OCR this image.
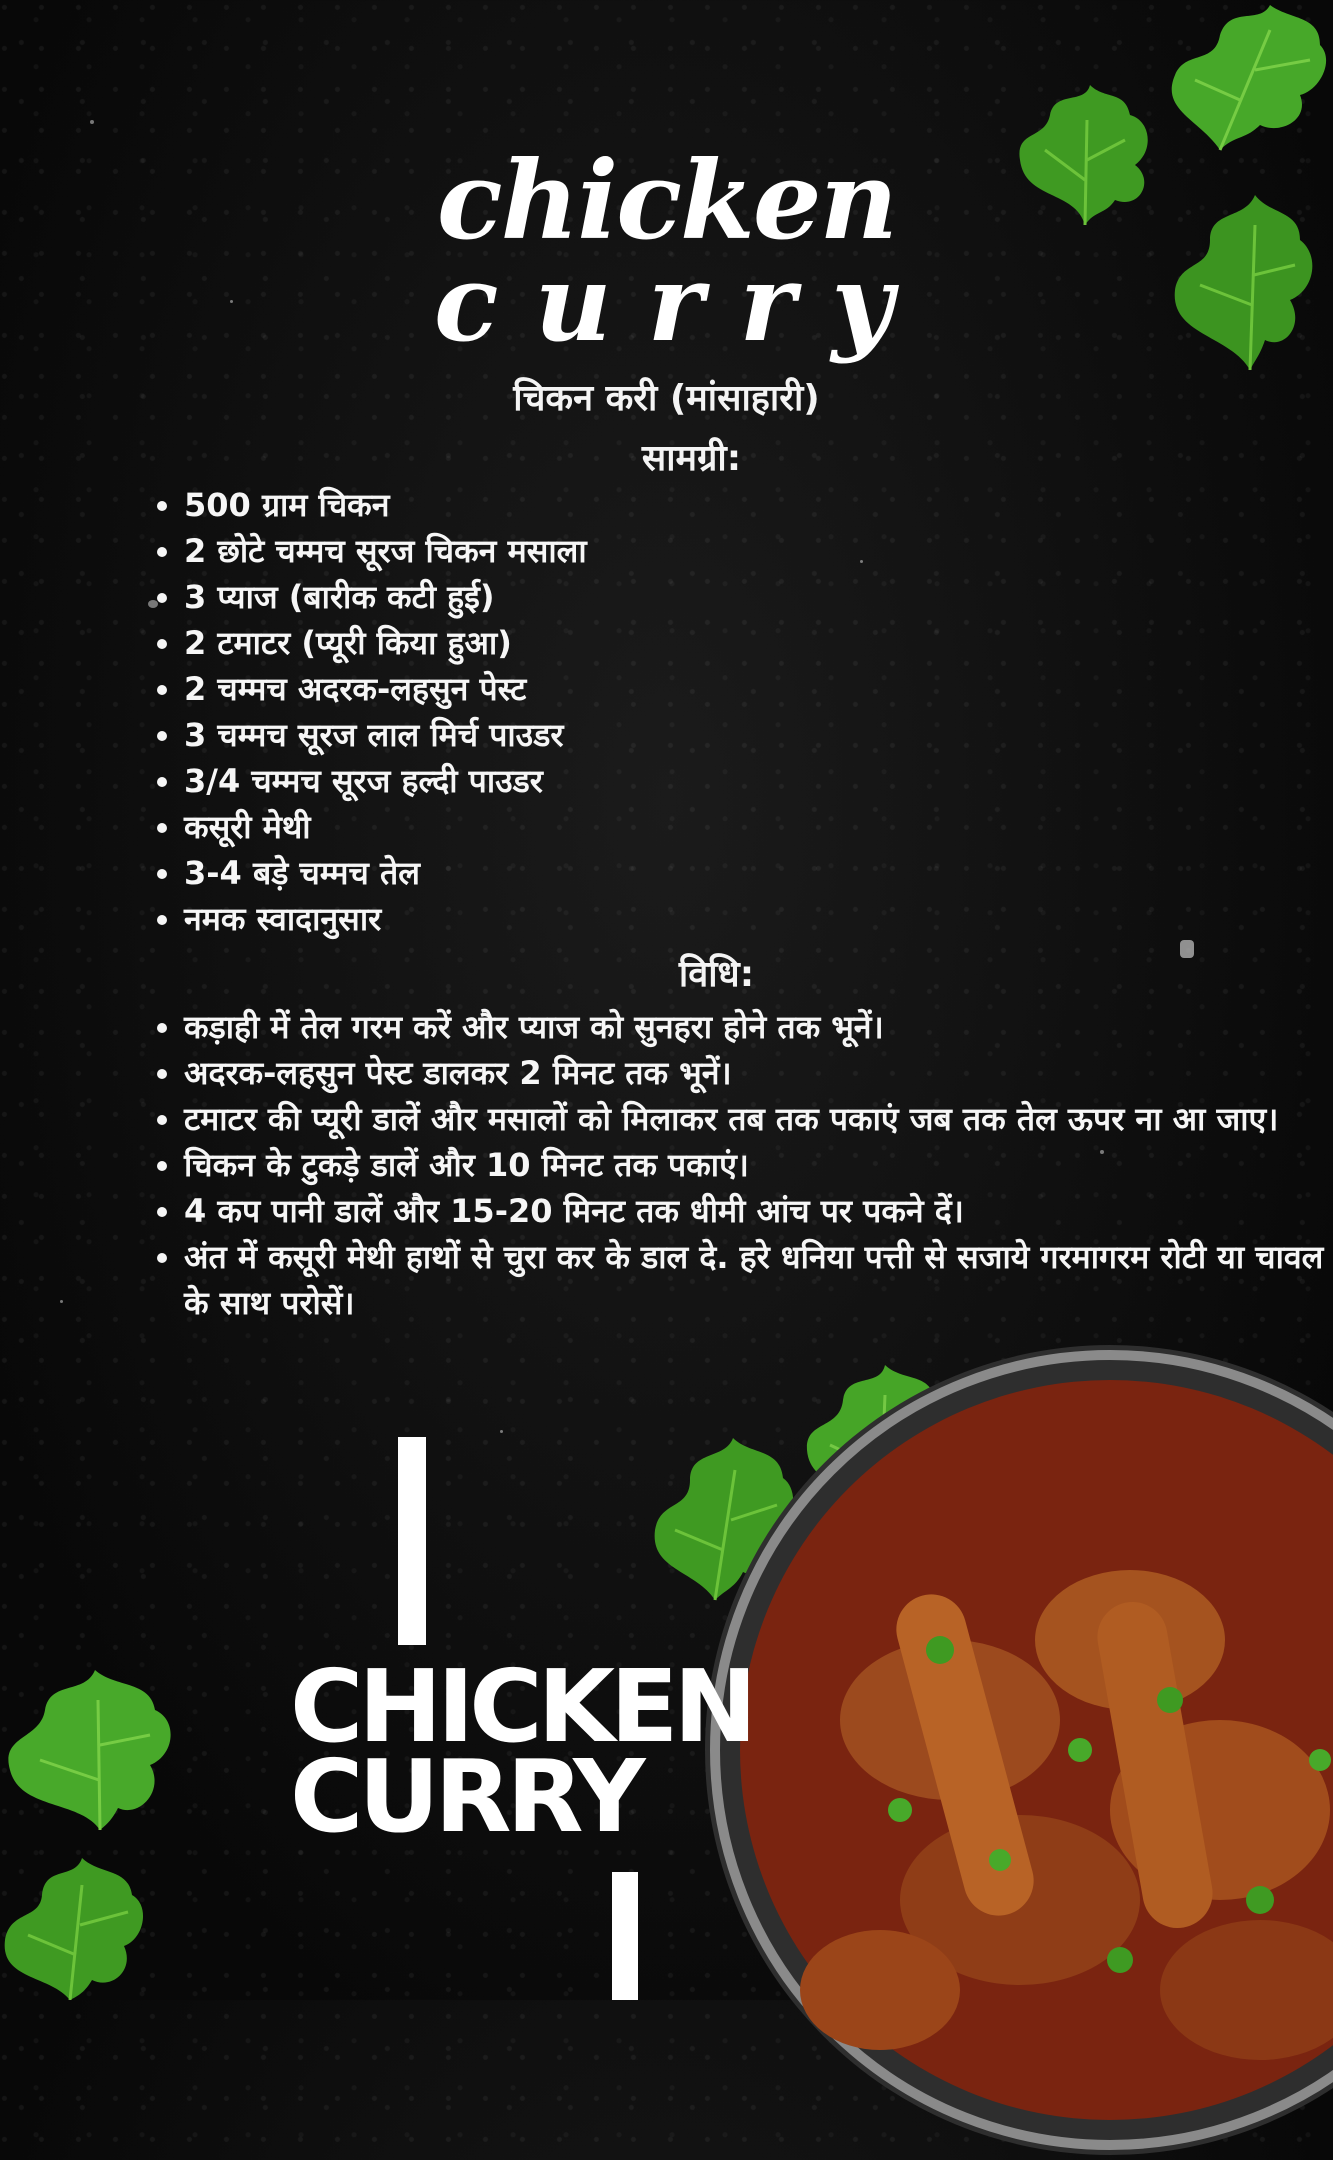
chicken
curry
चिकन करी (मांसाहारी)
सामग्री:
• 500 ग्राम चिकन
• 2 छोटे चम्मच सूरज चिकन मसाला
• 3 प्याज (बारीक कटी हुई)
• 2 टमाटर (प्यूरी किया हुआ)
• 2 चम्मच अदरक-लहसुन पेस्ट
• 3 चम्मच सूरज लाल मिर्च पाउडर
• 3/4 चम्मच सूरज हल्दी पाउडर
• कसूरी मेथी
• 3-4 बड़े चम्मच तेल
• नमक स्वादानुसार
विधि:
• कड़ाही में तेल गरम करें और प्याज को सुनहरा होने तक भूनें।
• अदरक-लहसुन पेस्ट डालकर 2 मिनट तक भूनें।
• टमाटर की प्यूरी डालें और मसालों को मिलाकर तब तक पकाएं जब तक तेल ऊपर ना आ जाए।
• चिकन के टुकड़े डालें और 10 मिनट तक पकाएं।
• 4 कप पानी डालें और 15-20 मिनट तक धीमी आंच पर पकने दें।
• अंत में कसूरी मेथी हाथों से चुरा कर के डाल दे. हरे धनिया पत्ती से सजाये गरमागरम रोटी या चावल के साथ परोसें।
CHICKEN
CURRY
